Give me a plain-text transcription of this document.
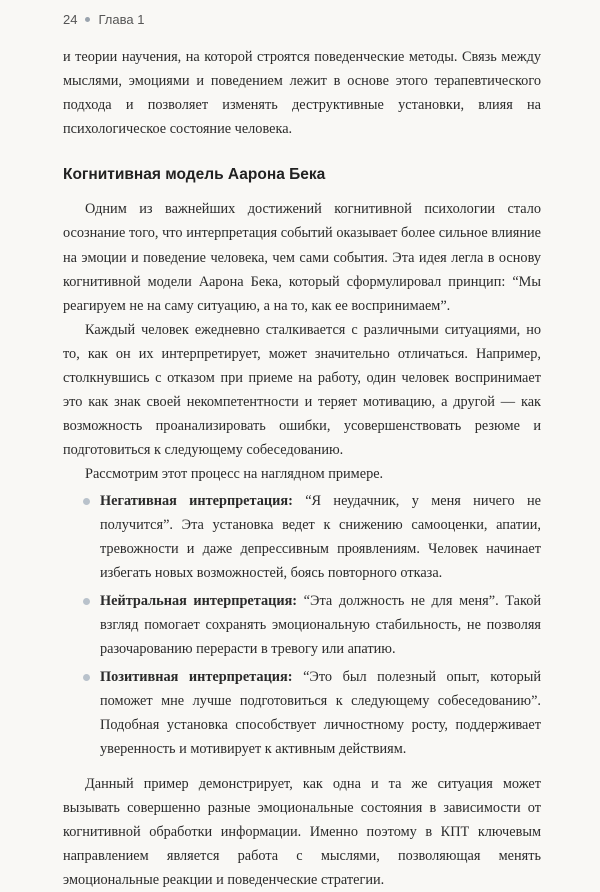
24 Глава 1

и теории научения, на которой строятся поведенческие методы. Связь между мыслями, эмоциями и поведением лежит в основе этого терапевтического подхода и позволяет изменять деструктивные установки, влияя на психологическое состояние человека.

Когнитивная модель Аарона Бека

Одним из важнейших достижений когнитивной психологии стало осознание того, что интерпретация событий оказывает более сильное влияние на эмоции и поведение человека, чем сами события. Эта идея легла в основу когнитивной модели Аарона Бека, который сформулировал принцип: “Мы реагируем не на саму ситуацию, а на то, как ее воспринимаем”.

Каждый человек ежедневно сталкивается с различными ситуациями, но то, как он их интерпретирует, может значительно отличаться. Например, столкнувшись с отказом при приеме на работу, один человек воспринимает это как знак своей некомпетентности и теряет мотивацию, а другой — как возможность проанализировать ошибки, усовершенствовать резюме и подготовиться к следующему собеседованию.

Рассмотрим этот процесс на наглядном примере.

Негативная интерпретация: “Я неудачник, у меня ничего не получится”. Эта установка ведет к снижению самооценки, апатии, тревожности и даже депрессивным проявлениям. Человек начинает избегать новых возможностей, боясь повторного отказа.
Нейтральная интерпретация: “Эта должность не для меня”. Такой взгляд помогает сохранять эмоциональную стабильность, не позволяя разочарованию перерасти в тревогу или апатию.
Позитивная интерпретация: “Это был полезный опыт, который поможет мне лучше подготовиться к следующему собеседованию”. Подобная установка способствует личностному росту, поддерживает уверенность и мотивирует к активным действиям.

Данный пример демонстрирует, как одна и та же ситуация может вызывать совершенно разные эмоциональные состояния в зависимости от когнитивной обработки информации. Именно поэтому в КПТ ключевым направлением является работа с мыслями, позволяющая менять эмоциональные реакции и поведенческие стратегии.
